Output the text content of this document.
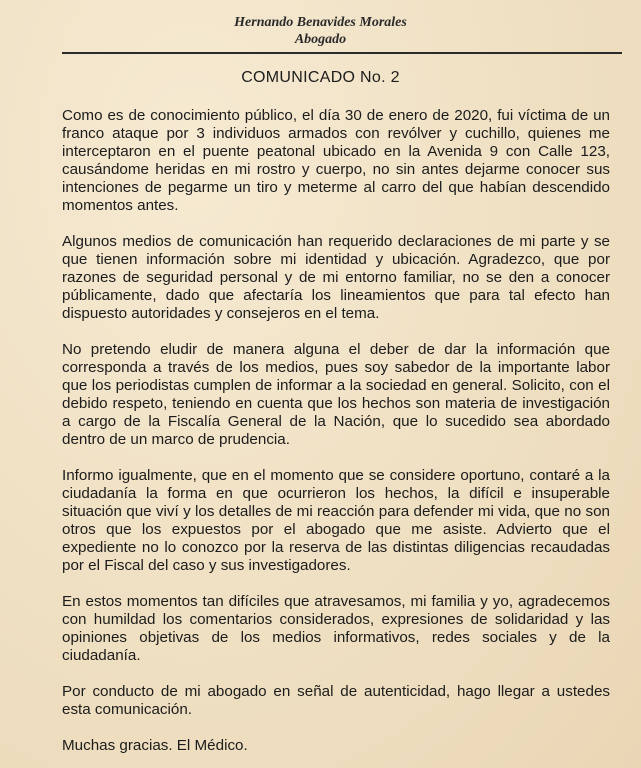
Hernando Benavides Morales
Abogado
COMUNICADO No. 2

Como es de conocimiento público, el día 30 de enero de 2020, fui víctima de un franco ataque por 3 individuos armados con revólver y cuchillo, quienes me interceptaron en el puente peatonal ubicado en la Avenida 9 con Calle 123, causándome heridas en mi rostro y cuerpo, no sin antes dejarme conocer sus intenciones de pegarme un tiro y meterme al carro del que habían descendido momentos antes.

Algunos medios de comunicación han requerido declaraciones de mi parte y se que tienen información sobre mi identidad y ubicación. Agradezco, que por razones de seguridad personal y de mi entorno familiar, no se den a conocer públicamente, dado que afectaría los lineamientos que para tal efecto han dispuesto autoridades y consejeros en el tema.

No pretendo eludir de manera alguna el deber de dar la información que corresponda a través de los medios, pues soy sabedor de la importante labor que los periodistas cumplen de informar a la sociedad en general. Solicito, con el debido respeto, teniendo en cuenta que los hechos son materia de investigación a cargo de la Fiscalía General de la Nación, que lo sucedido sea abordado dentro de un marco de prudencia.

Informo igualmente, que en el momento que se considere oportuno, contaré a la ciudadanía la forma en que ocurrieron los hechos, la difícil e insuperable situación que viví y los detalles de mi reacción para defender mi vida, que no son otros que los expuestos por el abogado que me asiste. Advierto que el expediente no lo conozco por la reserva de las distintas diligencias recaudadas por el Fiscal del caso y sus investigadores.

En estos momentos tan difíciles que atravesamos, mi familia y yo, agradecemos con humildad los comentarios considerados, expresiones de solidaridad y las opiniones objetivas de los medios informativos, redes sociales y de la ciudadanía.

Por conducto de mi abogado en señal de autenticidad, hago llegar a ustedes esta comunicación.

Muchas gracias. El Médico.
